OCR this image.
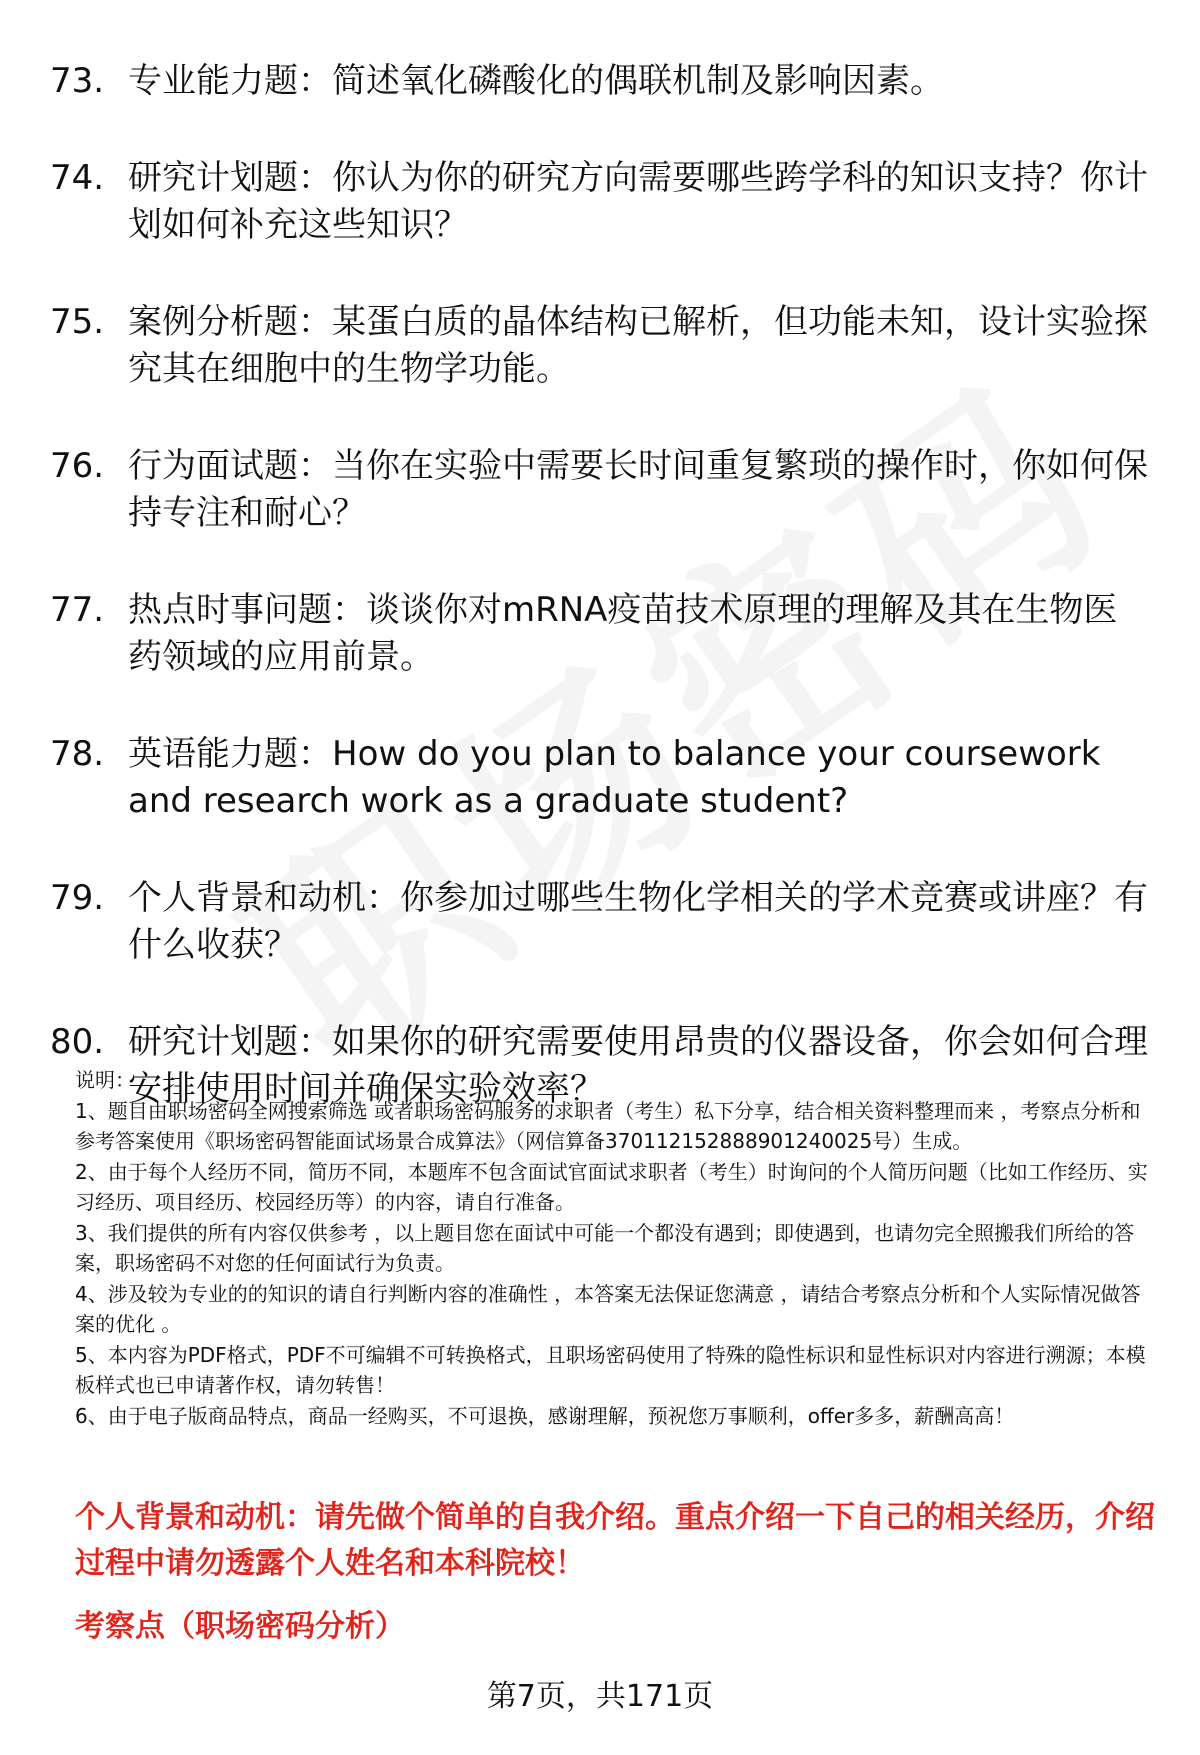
73. 专业能力题：简述氧化磷酸化的偶联机制及影响因素。
74. 研究计划题：你认为你的研究方向需要哪些跨学科的知识支持？你计划如何补充这些知识？
75. 案例分析题：某蛋白质的晶体结构已解析，但功能未知，设计实验探究其在细胞中的生物学功能。
76. 行为面试题：当你在实验中需要长时间重复繁琐的操作时，你如何保持专注和耐心？
77. 热点时事问题：谈谈你对mRNA疫苗技术原理的理解及其在生物医药领域的应用前景。
78. 英语能力题：How do you plan to balance your coursework and research work as a graduate student?
79. 个人背景和动机：你参加过哪些生物化学相关的学术竞赛或讲座？有什么收获？
80. 研究计划题：如果你的研究需要使用昂贵的仪器设备，你会如何合理安排使用时间并确保实验效率？

说明：

1、题目由职场密码全网搜索筛选 或者职场密码服务的求职者（考生）私下分享，结合相关资料整理而来 ，考察点分析和参考答案使用《职场密码智能面试场景合成算法》（网信算备370112152888901240025号）生成。

2、由于每个人经历不同，简历不同，本题库不包含面试官面试求职者（考生）时询问的个人简历问题（比如工作经历、实习经历、项目经历、校园经历等）的内容，请自行准备。

3、我们提供的所有内容仅供参考 ，以上题目您在面试中可能一个都没有遇到；即使遇到，也请勿完全照搬我们所给的答案，职场密码不对您的任何面试行为负责。

4、涉及较为专业的的知识的请自行判断内容的准确性 ，本答案无法保证您满意 ，请结合考察点分析和个人实际情况做答案的优化 。

5、本内容为PDF格式，PDF不可编辑不可转换格式，且职场密码使用了特殊的隐性标识和显性标识对内容进行溯源；本模板样式也已申请著作权，请勿转售！

6、由于电子版商品特点，商品一经购买，不可退换，感谢理解，预祝您万事顺利，offer多多，薪酬高高！

个人背景和动机：请先做个简单的自我介绍。重点介绍一下自己的相关经历，介绍过程中请勿透露个人姓名和本科院校！
考察点（职场密码分析）
第7页，共171页
